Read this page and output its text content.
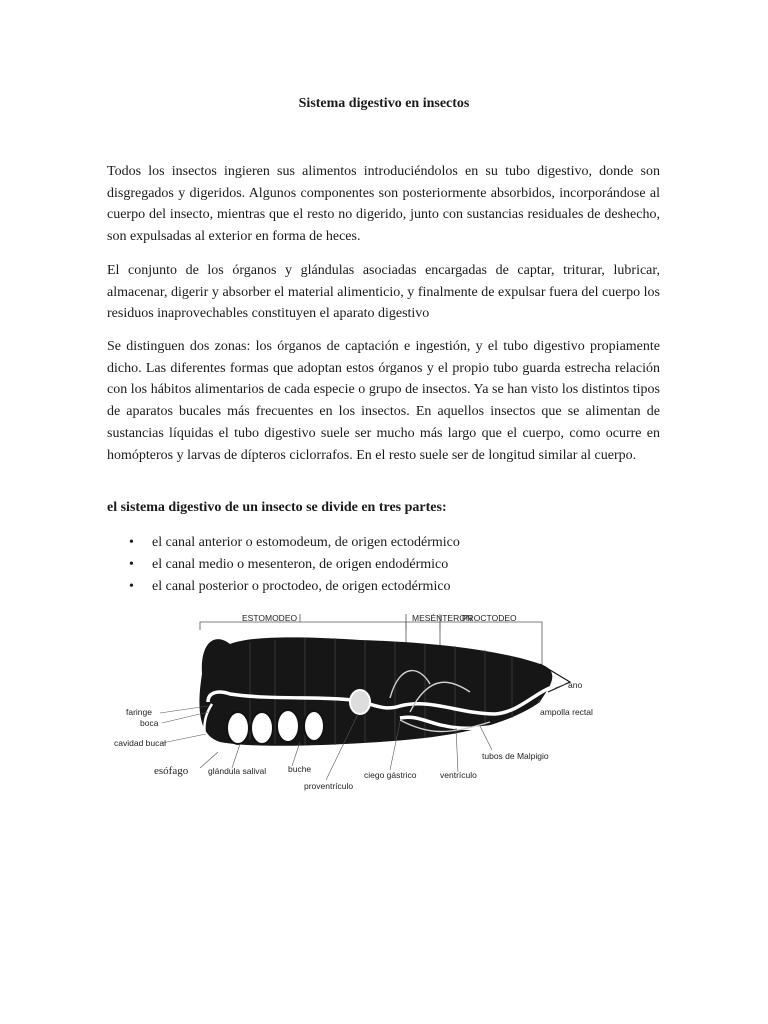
Sistema digestivo en insectos

Todos los insectos ingieren sus alimentos introduciéndolos en su tubo digestivo, donde son disgregados y digeridos. Algunos componentes son posteriormente absorbidos, incorporándose al cuerpo del insecto, mientras que el resto no digerido, junto con sustancias residuales de deshecho, son expulsadas al exterior en forma de heces.

El conjunto de los órganos y glándulas asociadas encargadas de captar, triturar, lubricar, almacenar, digerir y absorber el material alimenticio, y finalmente de expulsar fuera del cuerpo los residuos inaprovechables constituyen el aparato digestivo

Se distinguen dos zonas: los órganos de captación e ingestión, y el tubo digestivo propiamente dicho. Las diferentes formas que adoptan estos órganos y el propio tubo guarda estrecha relación con los hábitos alimentarios de cada especie o grupo de insectos. Ya se han visto los distintos tipos de aparatos bucales más frecuentes en los insectos. En aquellos insectos que se alimentan de sustancias líquidas el tubo digestivo suele ser mucho más largo que el cuerpo, como ocurre en homópteros y larvas de dípteros ciclorrafos. En el resto suele ser de longitud similar al cuerpo.

el sistema digestivo de un insecto se divide en tres partes:
• el canal anterior o estomodeum, de origen ectodérmico
• el canal medio o mesenteron, de origen endodérmico
• el canal posterior o proctodeo, de origen ectodérmico
ESTOMODEO	MESÉNTERON
PROCTODEO
faringe
boca
cavidad bucal
esófago glándula salival	buche
proventrículo
ciego gástrico	ventrículo
tubos de Malpigio
ano
ampolla rectal
